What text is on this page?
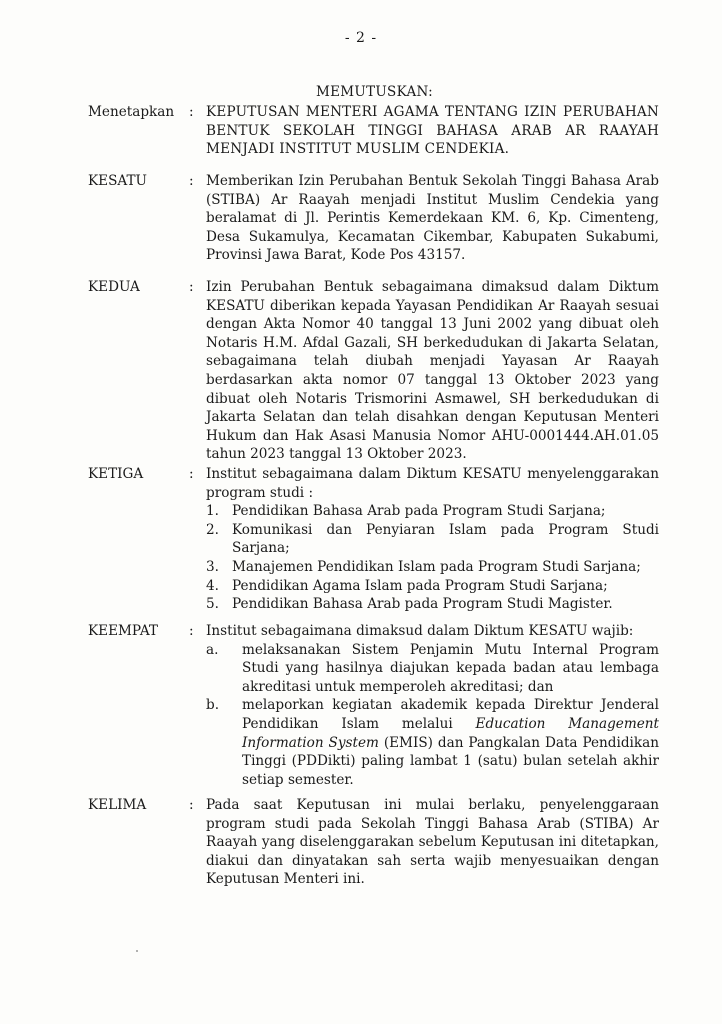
- 2 -
MEMUTUSKAN:
Menetapkan	: KEPUTUSAN MENTERI AGAMA TENTANG IZIN PERUBAHAN BENTUK SEKOLAH TINGGI BAHASA ARAB AR RAAYAH MENJADI INSTITUT MUSLIM CENDEKIA.
KESATU	: Memberikan Izin Perubahan Bentuk Sekolah Tinggi Bahasa Arab (STIBA) Ar Raayah menjadi Institut Muslim Cendekia yang beralamat di Jl. Perintis Kemerdekaan KM. 6, Kp. Cimenteng, Desa Sukamulya, Kecamatan Cikembar, Kabupaten Sukabumi, Provinsi Jawa Barat, Kode Pos 43157.
KEDUA	: Izin Perubahan Bentuk sebagaimana dimaksud dalam Diktum KESATU diberikan kepada Yayasan Pendidikan Ar Raayah sesuai dengan Akta Nomor 40 tanggal 13 Juni 2002 yang dibuat oleh Notaris H.M. Afdal Gazali, SH berkedudukan di Jakarta Selatan, sebagaimana telah diubah menjadi Yayasan Ar Raayah berdasarkan akta nomor 07 tanggal 13 Oktober 2023 yang dibuat oleh Notaris Trismorini Asmawel, SH berkedudukan di Jakarta Selatan dan telah disahkan dengan Keputusan Menteri Hukum dan Hak Asasi Manusia Nomor AHU-0001444.AH.01.05 tahun 2023 tanggal 13 Oktober 2023.
KETIGA	: Institut sebagaimana dalam Diktum KESATU menyelenggarakan program studi :
1. Pendidikan Bahasa Arab pada Program Studi Sarjana;
2. Komunikasi dan Penyiaran Islam pada Program Studi Sarjana;
3. Manajemen Pendidikan Islam pada Program Studi Sarjana;
4. Pendidikan Agama Islam pada Program Studi Sarjana;
5. Pendidikan Bahasa Arab pada Program Studi Magister.
KEEMPAT	: Institut sebagaimana dimaksud dalam Diktum KESATU wajib:
a.	melaksanakan Sistem Penjamin Mutu Internal Program Studi yang hasilnya diajukan kepada badan atau lembaga akreditasi untuk memperoleh akreditasi; dan
b.	melaporkan kegiatan akademik kepada Direktur Jenderal Pendidikan Islam melalui Education Management Information System (EMIS) dan Pangkalan Data Pendidikan Tinggi (PDDikti) paling lambat 1 (satu) bulan setelah akhir setiap semester.
KELIMA	: Pada saat Keputusan ini mulai berlaku, penyelenggaraan program studi pada Sekolah Tinggi Bahasa Arab (STIBA) Ar Raayah yang diselenggarakan sebelum Keputusan ini ditetapkan, diakui dan dinyatakan sah serta wajib menyesuaikan dengan Keputusan Menteri ini.
